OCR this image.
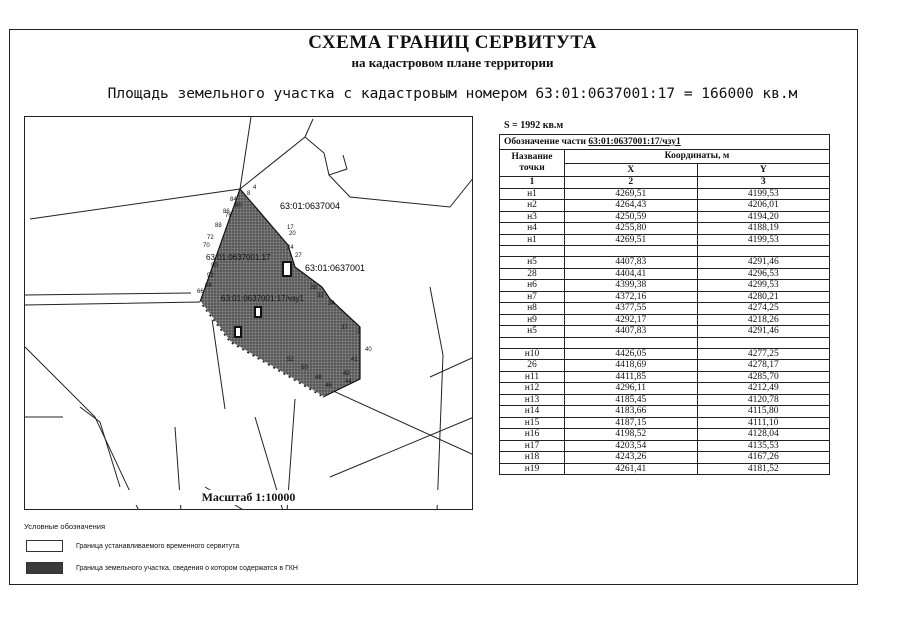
СХЕМА ГРАНИЦ СЕРВИТУТА
на кадастровом плане территории
Площадь земельного участка с кадастровым номером 63:01:0637001:17 = 166000 кв.м
63:01:0637004
63:01:0637001
63:01:0637001:17
63:01:0637001:17/чзу1
8
4
17
20
24
27
28
32
34
37
3
40
41
42
44
46
48
50
52
64
66
70
72
76
80
84
86
88
90
92
Масштаб 1:10000
S = 1992 кв.м
Обозначение части 63:01:0637001:17/чзу1		
Название точки	Координаты, м	
	X	Y
1	2	3
н1	4269,51	4199,53
н2	4264,43	4206,01
н3	4250,59	4194,20
н4	4255,80	4188,19
н1	4269,51	4199,53

н5	4407,83	4291,46
28	4404,41	4296,53
н6	4399,38	4299,53
н7	4372,16	4280,21
н8	4377,55	4274,25
н9	4292,17	4218,26
н5	4407,83	4291,46

н10	4426,05	4277,25
26	4418,69	4278,17
н11	4411,85	4285,70
н12	4296,11	4212,49
н13	4185,45	4120,78
н14	4183,66	4115,80
н15	4187,15	4111,10
н16	4198,52	4128,04
н17	4203,54	4135,53
н18	4243,26	4167,26
н19	4261,41	4181,52
Условные обозначения
Граница устанавливаемого временного сервитута
Граница земельного участка, сведения о котором содержатся в ГКН
